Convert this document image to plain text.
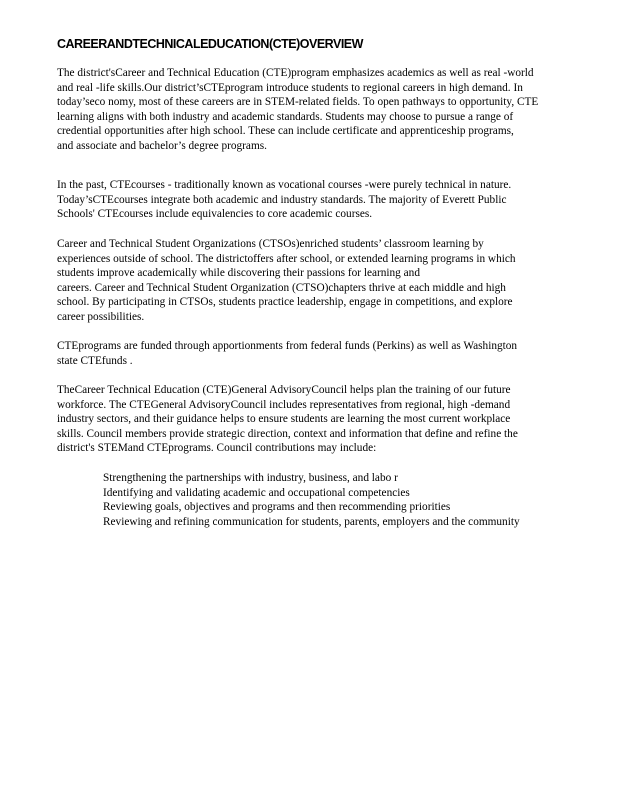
CAREERANDTECHNICALEDUCATION(CTE)OVERVIEW

The district'sCareer and Technical Education (CTE)program emphasizes academics as well as real -world
and real -life skills.Our district’sCTEprogram introduce students to regional careers in high demand. In
today’seco nomy, most of these careers are in STEM-related fields. To open pathways to opportunity, CTE
learning aligns with both industry and academic standards. Students may choose to pursue a range of
credential opportunities after high school. These can include certificate and apprenticeship programs,
and associate and bachelor’s degree programs.

In the past, CTEcourses - traditionally known as vocational courses -were purely technical in nature.
Today’sCTEcourses integrate both academic and industry standards. The majority of Everett Public
Schools' CTEcourses include equivalencies to core academic courses.

Career and Technical Student Organizations (CTSOs)enriched students’ classroom learning by
experiences outside of school. The districtoffers after school, or extended learning programs in which
students improve academically while discovering their passions for learning and
careers. Career and Technical Student Organization (CTSO)chapters thrive at each middle and high
school. By participating in CTSOs, students practice leadership, engage in competitions, and explore
career possibilities.

CTEprograms are funded through apportionments from federal funds (Perkins) as well as Washington
state CTEfunds .

TheCareer Technical Education (CTE)General AdvisoryCouncil helps plan the training of our future
workforce. The CTEGeneral AdvisoryCouncil includes representatives from regional, high -demand
industry sectors, and their guidance helps to ensure students are learning the most current workplace
skills. Council members provide strategic direction, context and information that define and refine the
district's STEMand CTEprograms. Council contributions may include:

Strengthening the partnerships with industry, business, and labo r
Identifying and validating academic and occupational competencies
Reviewing goals, objectives and programs and then recommending priorities
Reviewing and refining communication for students, parents, employers and the community
